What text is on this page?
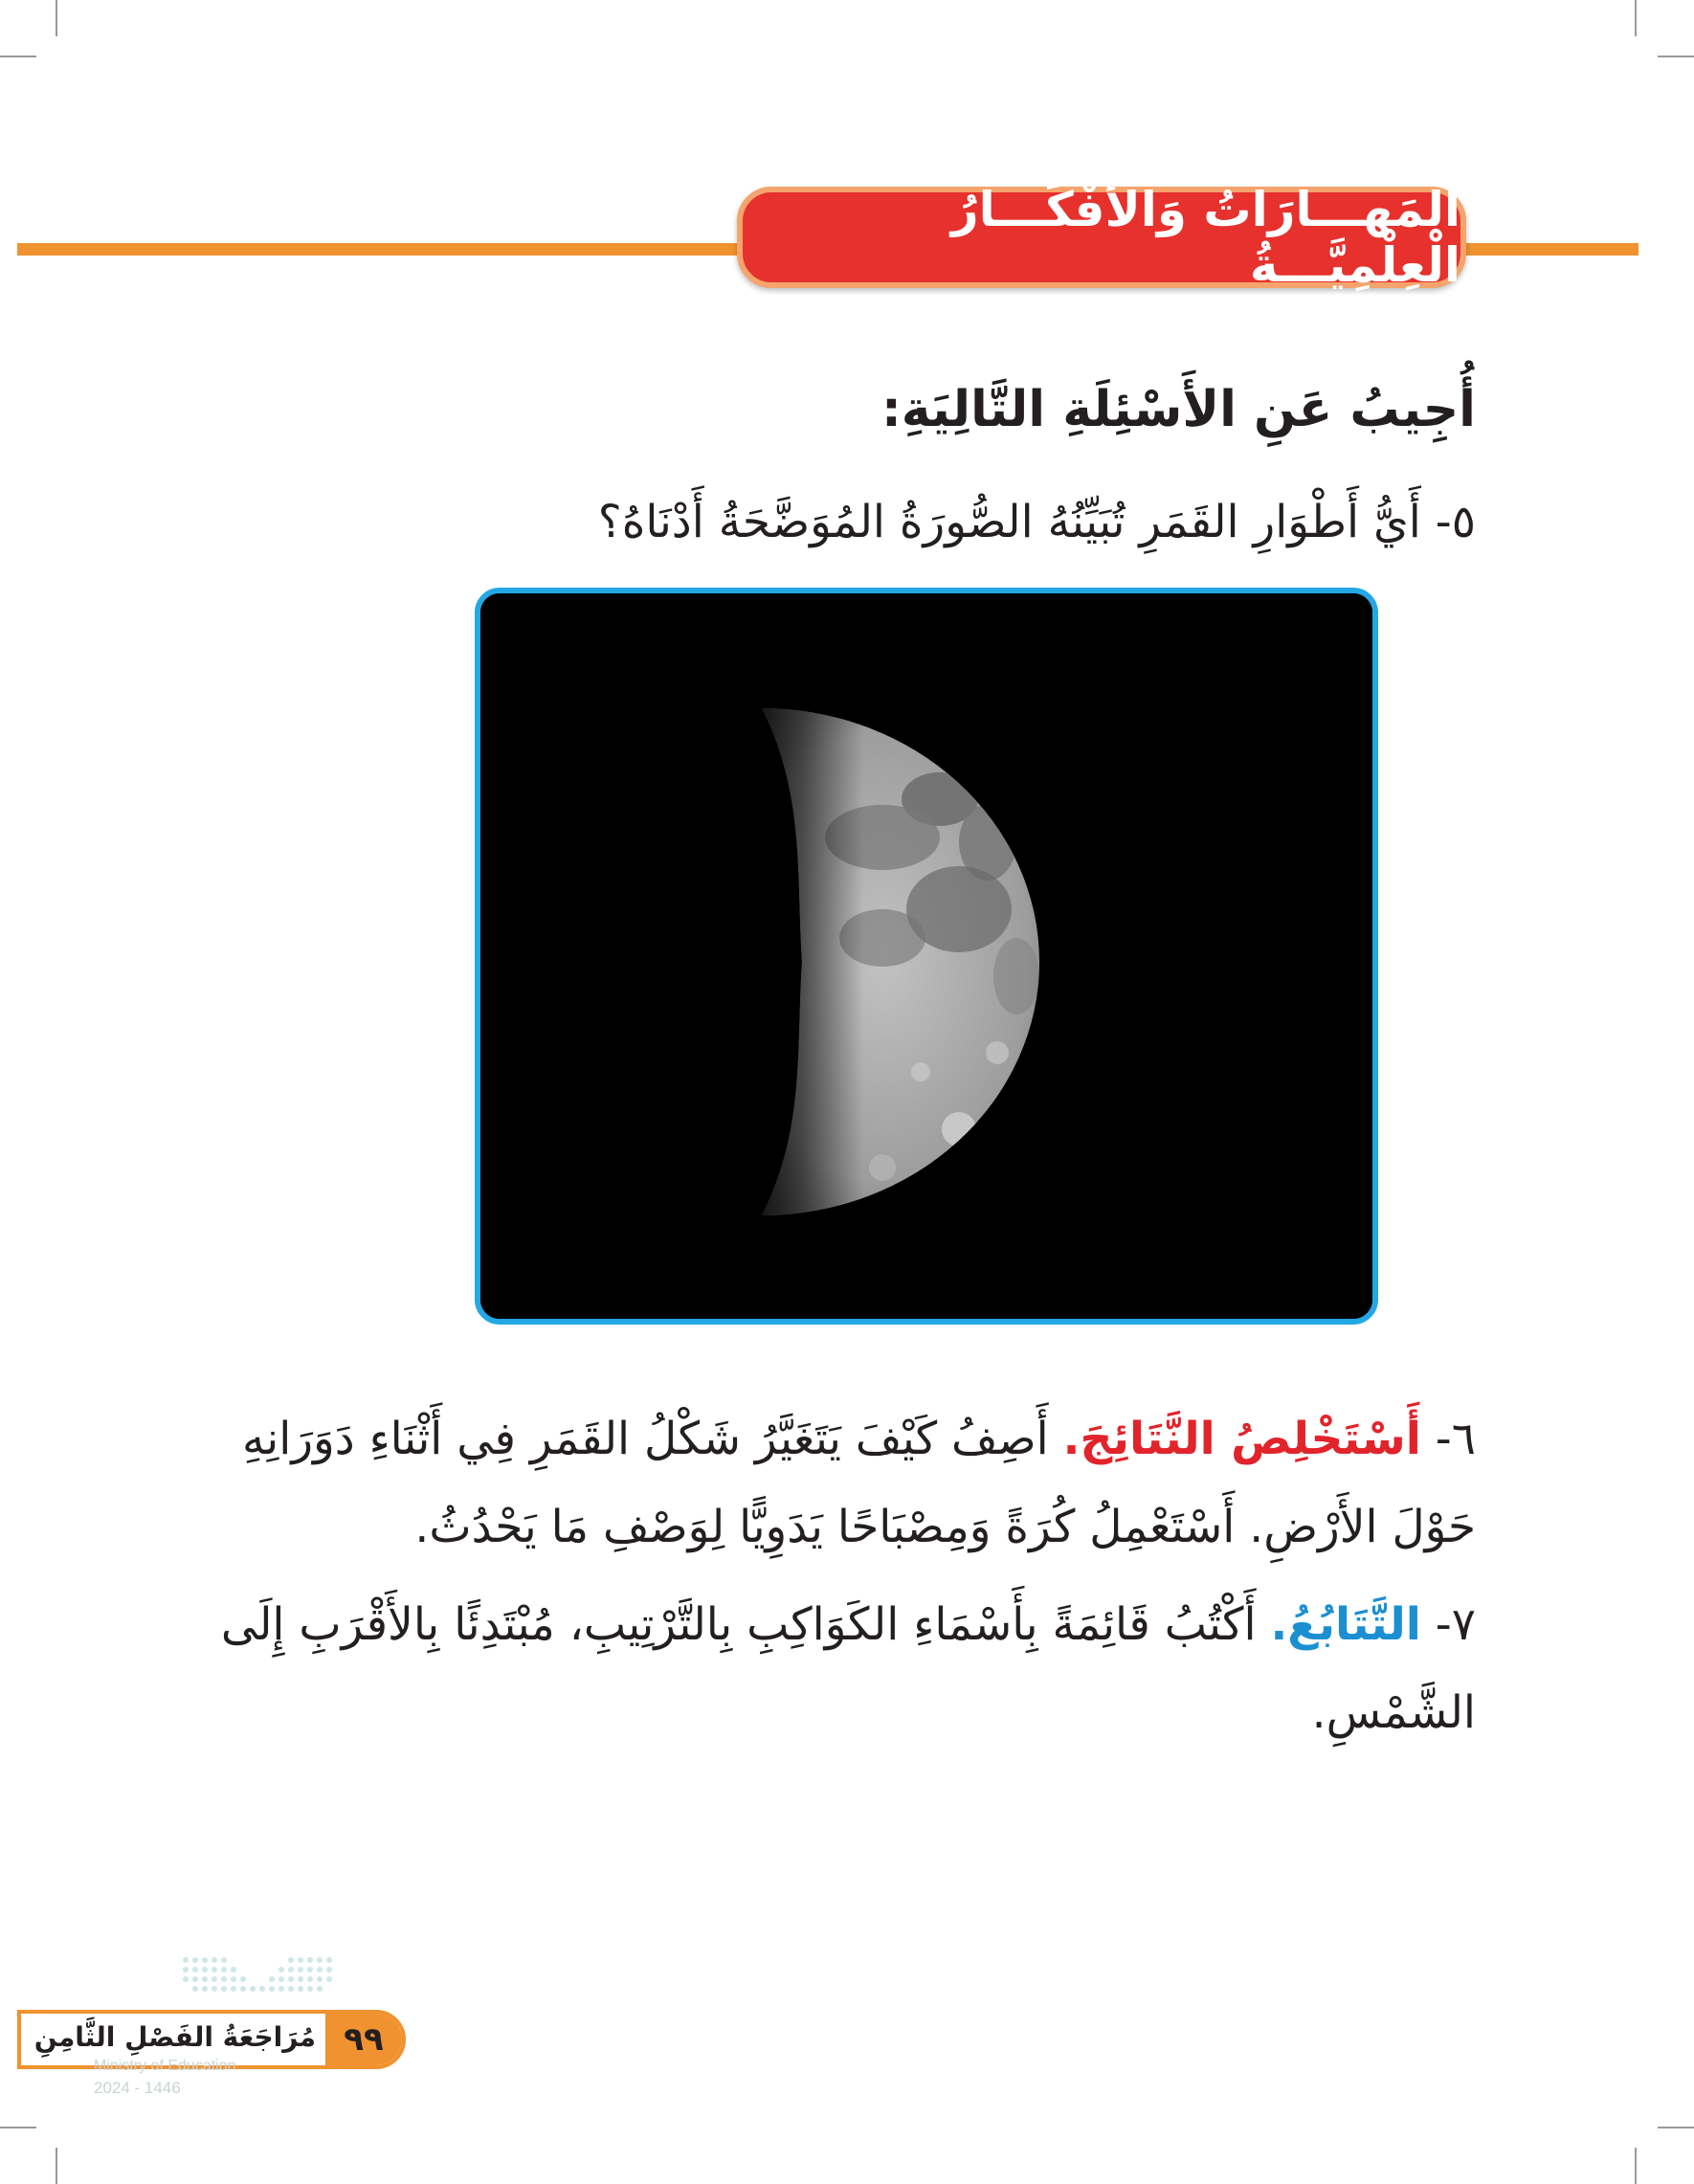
الْمَهـــارَاتُ وَالأَفْكَـــارُ الْعِلْمِيَّـــةُ
أُجِيبُ عَنِ الأَسْئِلَةِ التَّالِيَةِ:
٥- أَيُّ أَطْوَارِ القَمَرِ تُبَيِّنُهُ الصُّورَةُ المُوَضَّحَةُ أَدْنَاهُ؟
٦- أَسْتَخْلِصُ النَّتَائِجَ. أَصِفُ كَيْفَ يَتَغَيَّرُ شَكْلُ القَمَرِ فِي أَثْنَاءِ دَوَرَانِهِ حَوْلَ الأَرْضِ. أَسْتَعْمِلُ كُرَةً وَمِصْبَاحًا يَدَوِيًّا لِوَصْفِ مَا يَحْدُثُ.
٧- التَّتَابُعُ. أَكْتُبُ قَائِمَةً بِأَسْمَاءِ الكَوَاكِبِ بِالتَّرْتِيبِ، مُبْتَدِئًا بِالأَقْرَبِ إِلَى الشَّمْسِ.
مُرَاجَعَةُ الفَصْلِ الثَّامِنِ ٩٩
Ministry of Education
2024 - 1446
